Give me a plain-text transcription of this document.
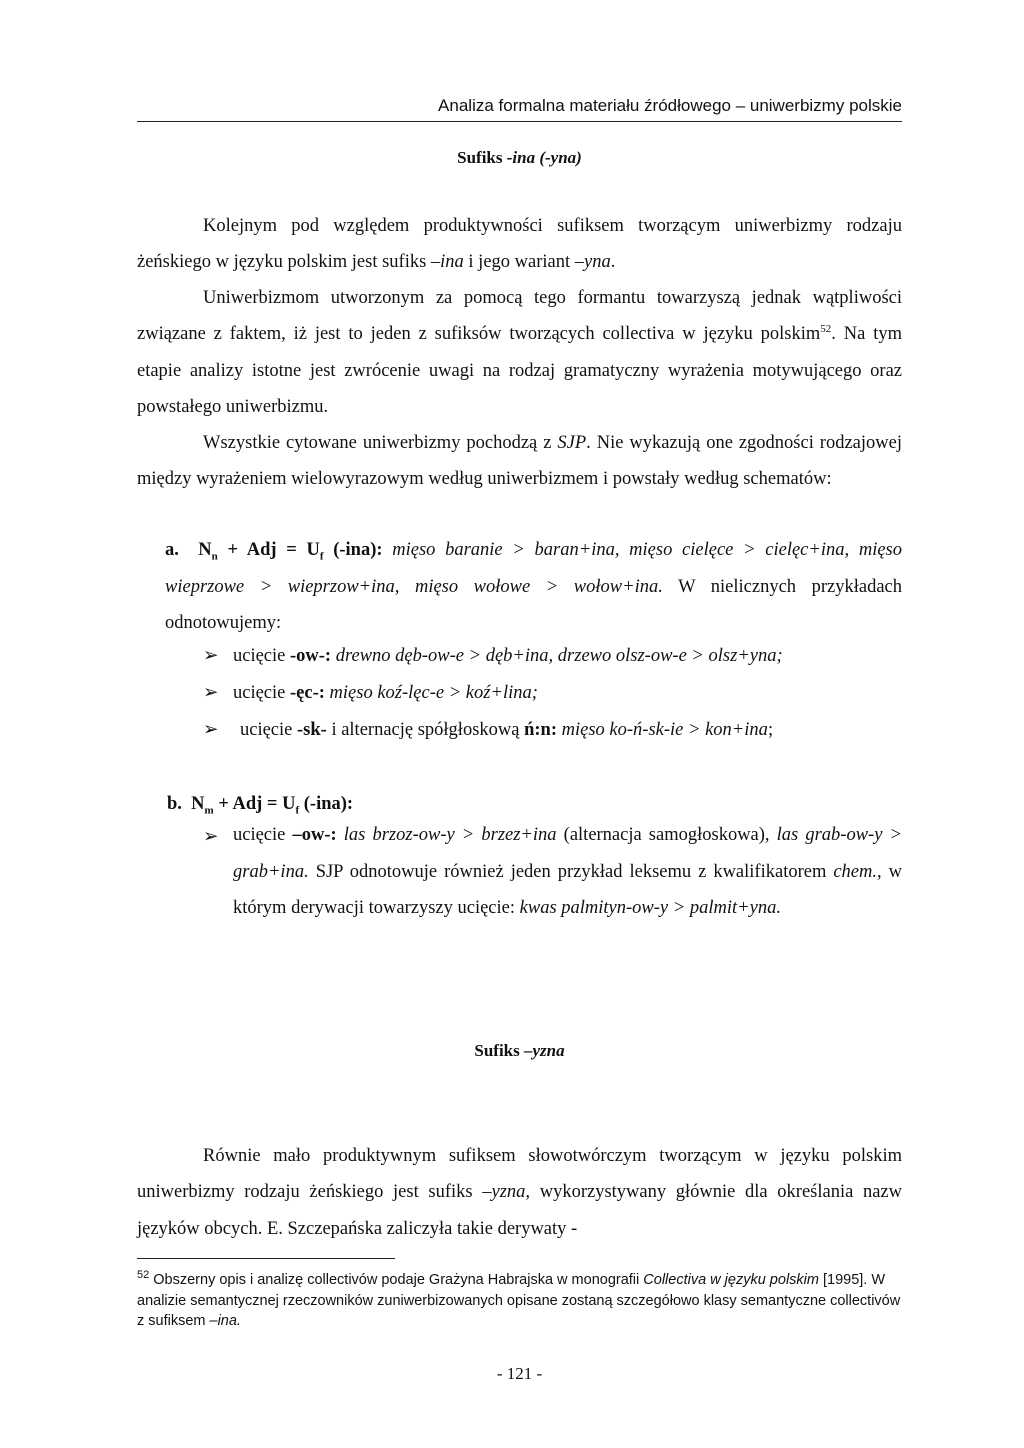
Analiza formalna materiału źródłowego – uniwerbizmy polskie
Sufiks -ina (-yna)

Kolejnym pod względem produktywności sufiksem tworzącym uniwerbizmy rodzaju żeńskiego w języku polskim jest sufiks –ina i jego wariant –yna.

Uniwerbizmom utworzonym za pomocą tego formantu towarzyszą jednak wątpliwości związane z faktem, iż jest to jeden z sufiksów tworzących collectiva w języku polskim$^{52}$. Na tym etapie analizy istotne jest zwrócenie uwagi na rodzaj gramatyczny wyrażenia motywującego oraz powstałego uniwerbizmu.

Wszystkie cytowane uniwerbizmy pochodzą z SJP. Nie wykazują one zgodności rodzajowej między wyrażeniem wielowyrazowym według uniwerbizmem i powstały według schematów:

a. $N_n$ + Adj = $U_f$ (-ina): mięso baranie > baran+ina, mięso cielęce > cielęc+ina, mięso wieprzowe > wieprzow+ina, mięso wołowe > wołow+ina. W nielicznych przykładach odnotowujemy:

➢ ucięcie -ow-: drewno dęb-ow-e > dęb+ina, drzewo olsz-ow-e > olsz+yna;
➢ ucięcie -ęc-: mięso koź-lęc-e > koź+lina;
➢ ucięcie -sk- i alternację spółgłoskową ń:n: mięso ko-ń-sk-ie > kon+ina;

b. $N_m$ + Adj = $U_f$ (-ina):

➢ ucięcie –ow-: las brzoz-ow-y > brzez+ina (alternacja samogłoskowa), las grab-ow-y > grab+ina. SJP odnotowuje również jeden przykład leksemu z kwalifikatorem chem., w którym derywacji towarzyszy ucięcie: kwas palmityn-ow-y > palmit+yna.

Sufiks –yzna

Równie mało produktywnym sufiksem słowotwórczym tworzącym w języku polskim uniwerbizmy rodzaju żeńskiego jest sufiks –yzna, wykorzystywany głównie dla określania nazw języków obcych. E. Szczepańska zaliczyła takie derywaty -

$^{52}$ Obszerny opis i analizę collectivów podaje Grażyna Habrajska w monografii Collectiva w języku polskim [1995]. W analizie semantycznej rzeczowników zuniwerbizowanych opisane zostaną szczegółowo klasy semantyczne collectivów z sufiksem –ina.

- 121 -
